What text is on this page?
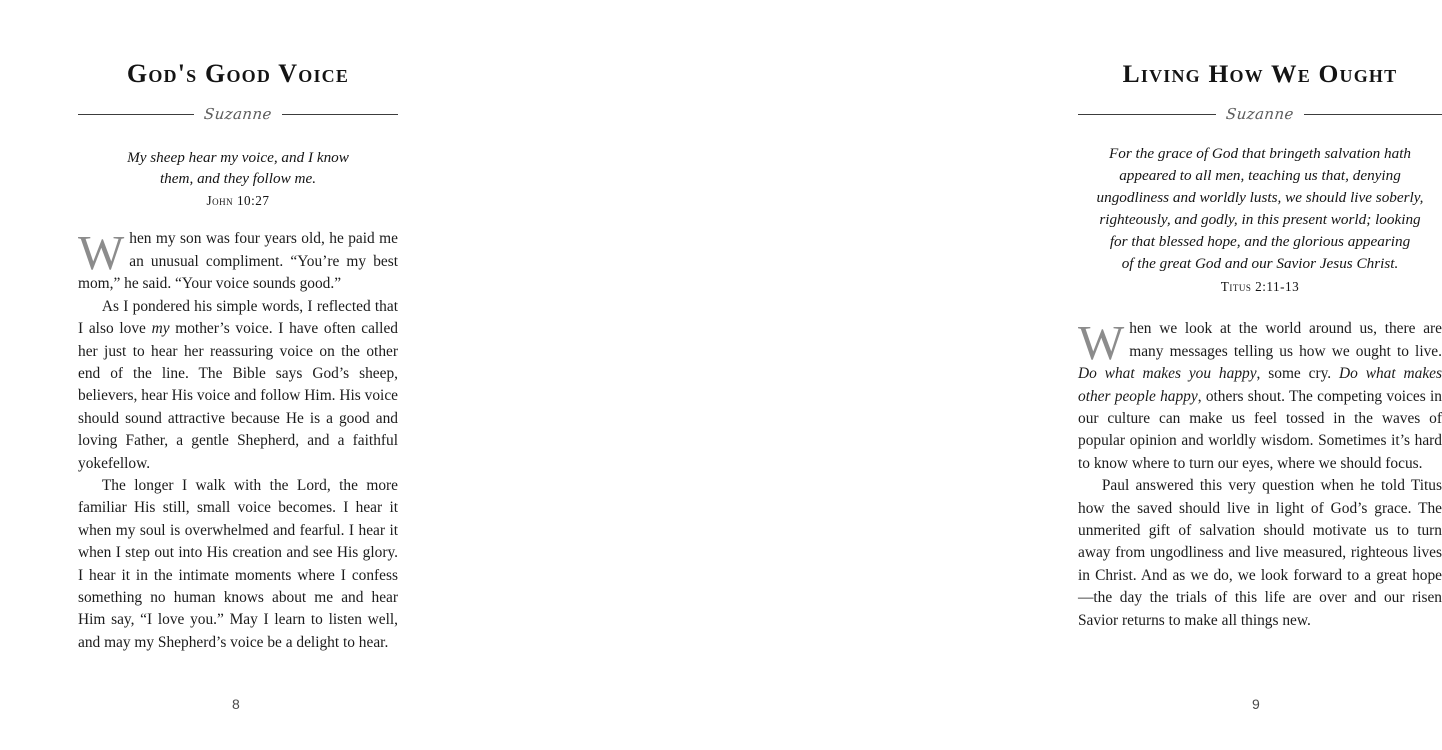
God's Good Voice
Suzanne

My sheep hear my voice, and I know

them, and they follow me.

John 10:27

When my son was four years old, he paid me an unusual compliment. “You’re my best mom,” he said. “Your voice sounds good.”

As I pondered his simple words, I reflected that I also love my mother’s voice. I have often called her just to hear her reassuring voice on the other end of the line. The Bible says God’s sheep, believers, hear His voice and follow Him. His voice should sound attractive because He is a good and loving Father, a gentle Shepherd, and a faithful yokefellow.

The longer I walk with the Lord, the more familiar His still, small voice becomes. I hear it when my soul is overwhelmed and fearful. I hear it when I step out into His creation and see His glory. I hear it in the intimate moments where I confess something no human knows about me and hear Him say, “I love you.” May I learn to listen well, and may my Shepherd’s voice be a delight to hear.

8
Living How We Ought
Suzanne

For the grace of God that bringeth salvation hath

appeared to all men, teaching us that, denying

ungodliness and worldly lusts, we should live soberly,

righteously, and godly, in this present world; looking

for that blessed hope, and the glorious appearing

of the great God and our Savior Jesus Christ.

Titus 2:11-13

When we look at the world around us, there are many messages telling us how we ought to live. Do what makes you happy, some cry. Do what makes other people happy, others shout. The competing voices in our culture can make us feel tossed in the waves of popular opinion and worldly wisdom. Sometimes it’s hard to know where to turn our eyes, where we should focus.

Paul answered this very question when he told Titus how the saved should live in light of God’s grace. The unmerited gift of salvation should motivate us to turn away from ungodliness and live measured, righteous lives in Christ. And as we do, we look forward to a great hope—the day the trials of this life are over and our risen Savior returns to make all things new.

9
